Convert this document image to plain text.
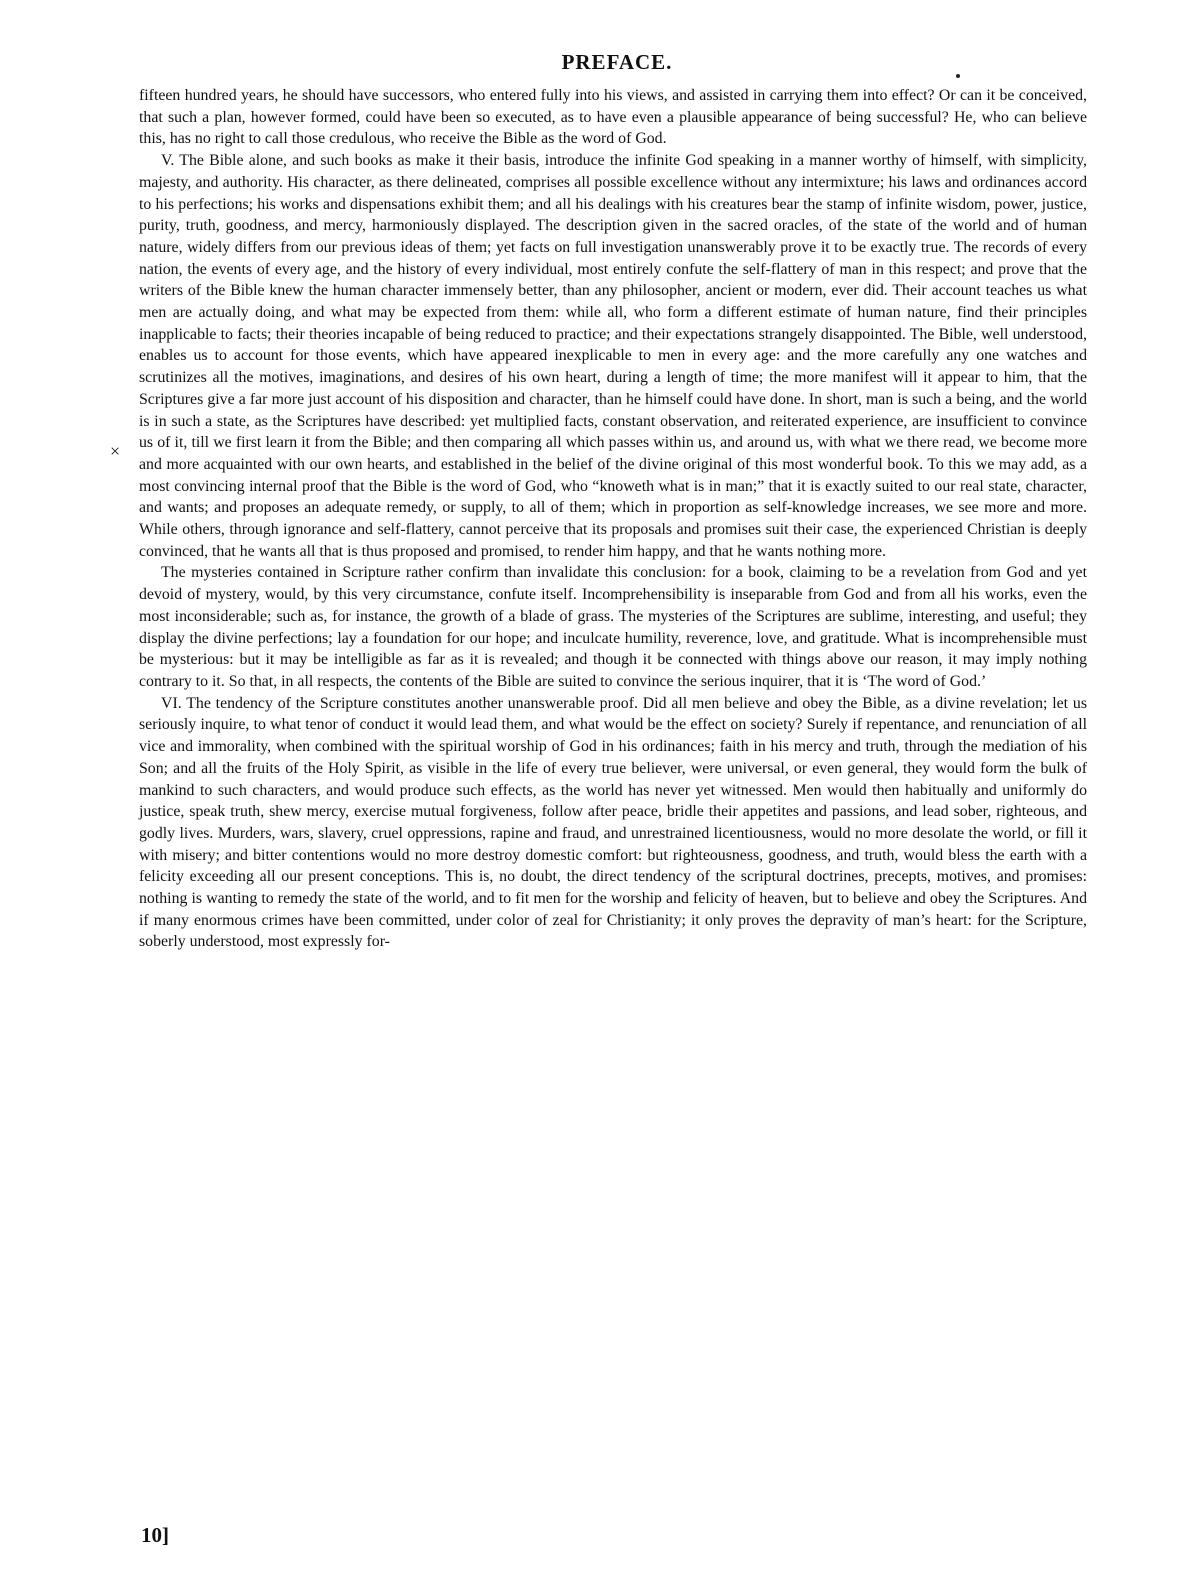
PREFACE.

fifteen hundred years, he should have successors, who entered fully into his views, and assisted in carrying them into effect? Or can it be conceived, that such a plan, however formed, could have been so executed, as to have even a plausible appearance of being successful? He, who can believe this, has no right to call those credulous, who receive the Bible as the word of God.

V. The Bible alone, and such books as make it their basis, introduce the infinite God speaking in a manner worthy of himself, with simplicity, majesty, and authority. His character, as there delineated, comprises all possible excellence without any intermixture; his laws and ordinances accord to his perfections; his works and dispensations exhibit them; and all his dealings with his creatures bear the stamp of infinite wisdom, power, justice, purity, truth, goodness, and mercy, harmoniously displayed. The description given in the sacred oracles, of the state of the world and of human nature, widely differs from our previous ideas of them; yet facts on full investigation unanswerably prove it to be exactly true. The records of every nation, the events of every age, and the history of every individual, most entirely confute the self-flattery of man in this respect; and prove that the writers of the Bible knew the human character immensely better, than any philosopher, ancient or modern, ever did. Their account teaches us what men are actually doing, and what may be expected from them: while all, who form a different estimate of human nature, find their principles inapplicable to facts; their theories incapable of being reduced to practice; and their expectations strangely disappointed. The Bible, well understood, enables us to account for those events, which have appeared inexplicable to men in every age: and the more carefully any one watches and scrutinizes all the motives, imaginations, and desires of his own heart, during a length of time; the more manifest will it appear to him, that the Scriptures give a far more just account of his disposition and character, than he himself could have done. In short, man is such a being, and the world is in such a state, as the Scriptures have described: yet multiplied facts, constant observation, and reiterated experience, are insufficient to convince us of it, till we first learn it from the Bible; and then comparing all which passes within us, and around us, with what we there read, we become more and more acquainted with our own hearts, and established in the belief of the divine original of this most wonderful book. To this we may add, as a most convincing internal proof that the Bible is the word of God, who “knoweth what is in man;” that it is exactly suited to our real state, character, and wants; and proposes an adequate remedy, or supply, to all of them; which in proportion as self-knowledge increases, we see more and more. While others, through ignorance and self-flattery, cannot perceive that its proposals and promises suit their case, the experienced Christian is deeply convinced, that he wants all that is thus proposed and promised, to render him happy, and that he wants nothing more.

The mysteries contained in Scripture rather confirm than invalidate this conclusion: for a book, claiming to be a revelation from God and yet devoid of mystery, would, by this very circumstance, confute itself. Incomprehensibility is inseparable from God and from all his works, even the most inconsiderable; such as, for instance, the growth of a blade of grass. The mysteries of the Scriptures are sublime, interesting, and useful; they display the divine perfections; lay a foundation for our hope; and inculcate humility, reverence, love, and gratitude. What is incomprehensible must be mysterious: but it may be intelligible as far as it is revealed; and though it be connected with things above our reason, it may imply nothing contrary to it. So that, in all respects, the contents of the Bible are suited to convince the serious inquirer, that it is ‘The word of God.’

VI. The tendency of the Scripture constitutes another unanswerable proof. Did all men believe and obey the Bible, as a divine revelation; let us seriously inquire, to what tenor of conduct it would lead them, and what would be the effect on society? Surely if repentance, and renunciation of all vice and immorality, when combined with the spiritual worship of God in his ordinances; faith in his mercy and truth, through the mediation of his Son; and all the fruits of the Holy Spirit, as visible in the life of every true believer, were universal, or even general, they would form the bulk of mankind to such characters, and would produce such effects, as the world has never yet witnessed. Men would then habitually and uniformly do justice, speak truth, shew mercy, exercise mutual forgiveness, follow after peace, bridle their appetites and passions, and lead sober, righteous, and godly lives. Murders, wars, slavery, cruel oppressions, rapine and fraud, and unrestrained licentiousness, would no more desolate the world, or fill it with misery; and bitter contentions would no more destroy domestic comfort: but righteousness, goodness, and truth, would bless the earth with a felicity exceeding all our present conceptions. This is, no doubt, the direct tendency of the scriptural doctrines, precepts, motives, and promises: nothing is wanting to remedy the state of the world, and to fit men for the worship and felicity of heaven, but to believe and obey the Scriptures. And if many enormous crimes have been committed, under color of zeal for Christianity; it only proves the depravity of man’s heart: for the Scripture, soberly understood, most expressly for-

×
10]
